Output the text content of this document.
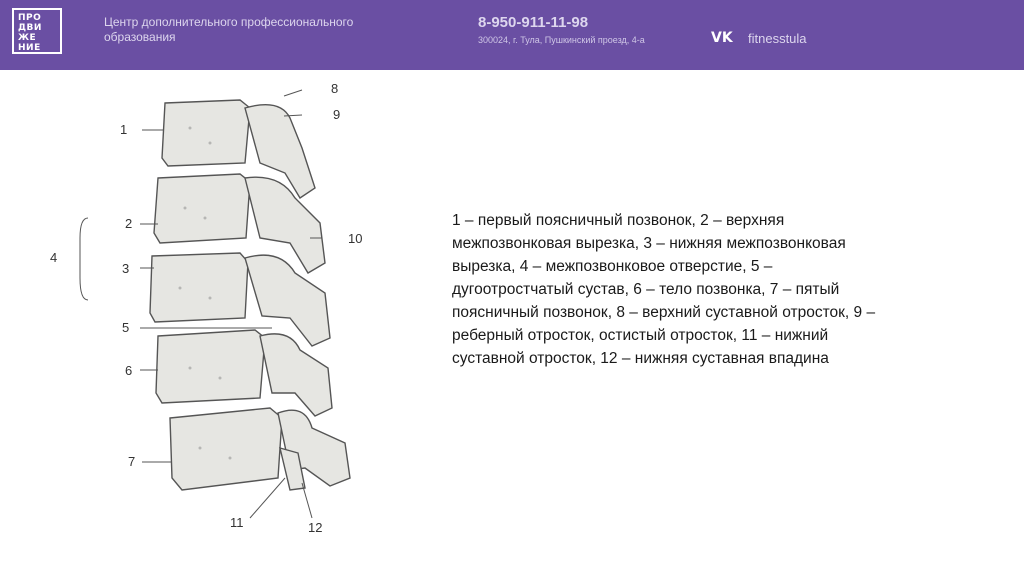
ПРО
ДВИ
ЖЕ
НИЕ
Центр дополнительного профессионального
образования
8-950-911-11-98
300024, г. Тула, Пушкинский проезд, 4-а	VK fitnesstula
1
2
3
4
5
6
7
8
9
10
11	12
1 – первый поясничный позвонок, 2 – верхняя межпозвонковая вырезка, 3 – нижняя межпозвонковая вырезка, 4 – межпозвонковое отверстие, 5 – дугоотростчатый сустав, 6 – тело позвонка, 7 – пятый поясничный позвонок, 8 – верхний суставной отросток, 9 – реберный отросток, остистый отросток, 11 – нижний суставной отросток, 12 – нижняя суставная впадина
